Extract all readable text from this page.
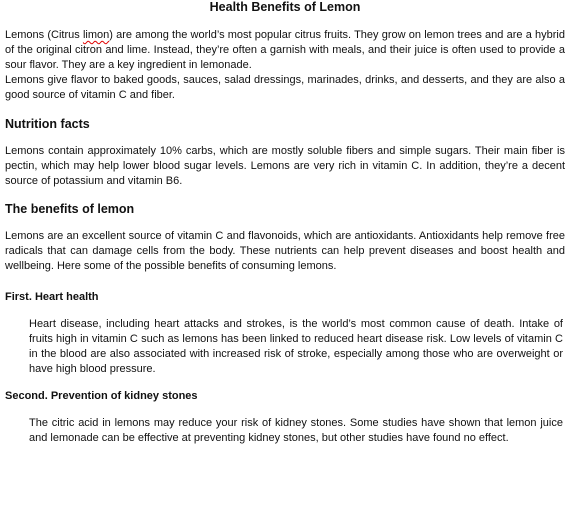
Health Benefits of Lemon

Lemons (Citrus limon) are among the world’s most popular citrus fruits. They grow on lemon trees and are a hybrid of the original citron and lime. Instead, they’re often a garnish with meals, and their juice is often used to provide a sour flavor. They are a key ingredient in lemonade.

Lemons give flavor to baked goods, sauces, salad dressings, marinades, drinks, and desserts, and they are also a good source of vitamin C and fiber.

Nutrition facts

Lemons contain approximately 10% carbs, which are mostly soluble fibers and simple sugars. Their main fiber is pectin, which may help lower blood sugar levels. Lemons are very rich in vitamin C. In addition, they’re a decent source of potassium and vitamin B6.

The benefits of lemon

Lemons are an excellent source of vitamin C and flavonoids, which are antioxidants. Antioxidants help remove free radicals that can damage cells from the body. These nutrients can help prevent diseases and boost health and wellbeing. Here some of the possible benefits of consuming lemons.

First. Heart health

Heart disease, including heart attacks and strokes, is the world’s most common cause of death. Intake of fruits high in vitamin C such as lemons has been linked to reduced heart disease risk. Low levels of vitamin C in the blood are also associated with increased risk of stroke, especially among those who are overweight or have high blood pressure.

Second. Prevention of kidney stones

The citric acid in lemons may reduce your risk of kidney stones. Some studies have shown that lemon juice and lemonade can be effective at preventing kidney stones, but other studies have found no effect.
